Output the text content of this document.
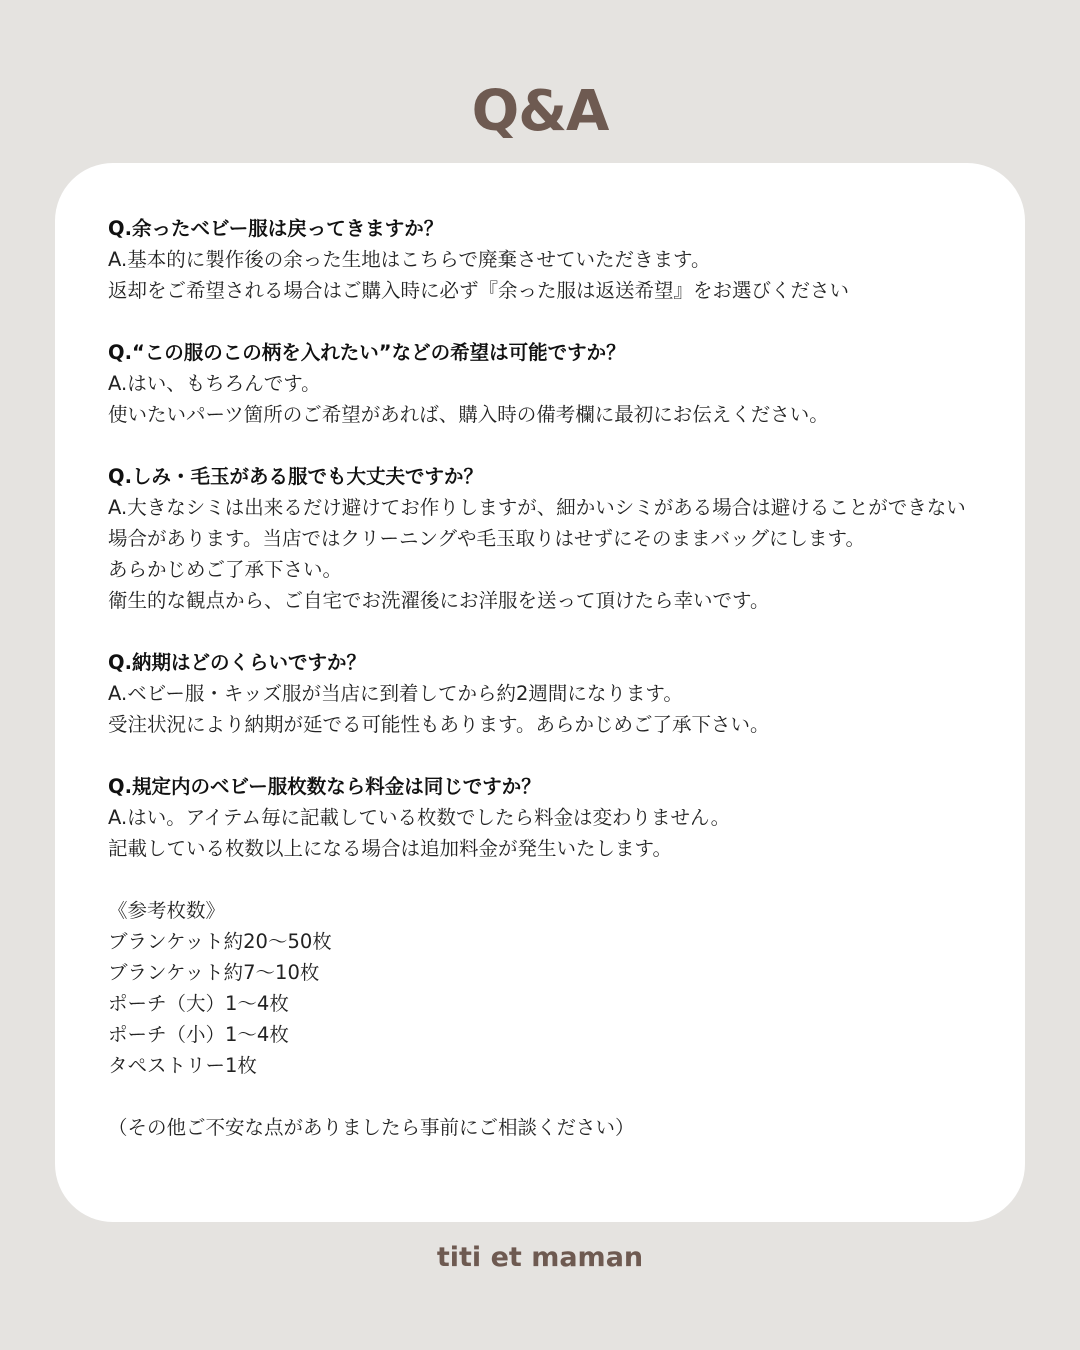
Q&A
Q.余ったベビー服は戻ってきますか？
A.基本的に製作後の余った生地はこちらで廃棄させていただきます。
返却をご希望される場合はご購入時に必ず『余った服は返送希望』をお選びください
Q.“この服のこの柄を入れたい”などの希望は可能ですか？
A.はい、もちろんです。
使いたいパーツ箇所のご希望があれば、購入時の備考欄に最初にお伝えください。
Q.しみ・毛玉がある服でも大丈夫ですか？
A.大きなシミは出来るだけ避けてお作りしますが、細かいシミがある場合は避けることができない
場合があります。当店ではクリーニングや毛玉取りはせずにそのままバッグにします。
あらかじめご了承下さい。
衛生的な観点から、ご自宅でお洗濯後にお洋服を送って頂けたら幸いです。
Q.納期はどのくらいですか？
A.ベビー服・キッズ服が当店に到着してから約2週間になります。
受注状況により納期が延でる可能性もあります。あらかじめご了承下さい。
Q.規定内のベビー服枚数なら料金は同じですか？
A.はい。アイテム毎に記載している枚数でしたら料金は変わりません。
記載している枚数以上になる場合は追加料金が発生いたします。
《参考枚数》
ブランケット約20〜50枚
ブランケット約7〜10枚
ポーチ（大）1〜4枚
ポーチ（小）1〜4枚
タペストリー1枚
（その他ご不安な点がありましたら事前にご相談ください）
titi et maman
